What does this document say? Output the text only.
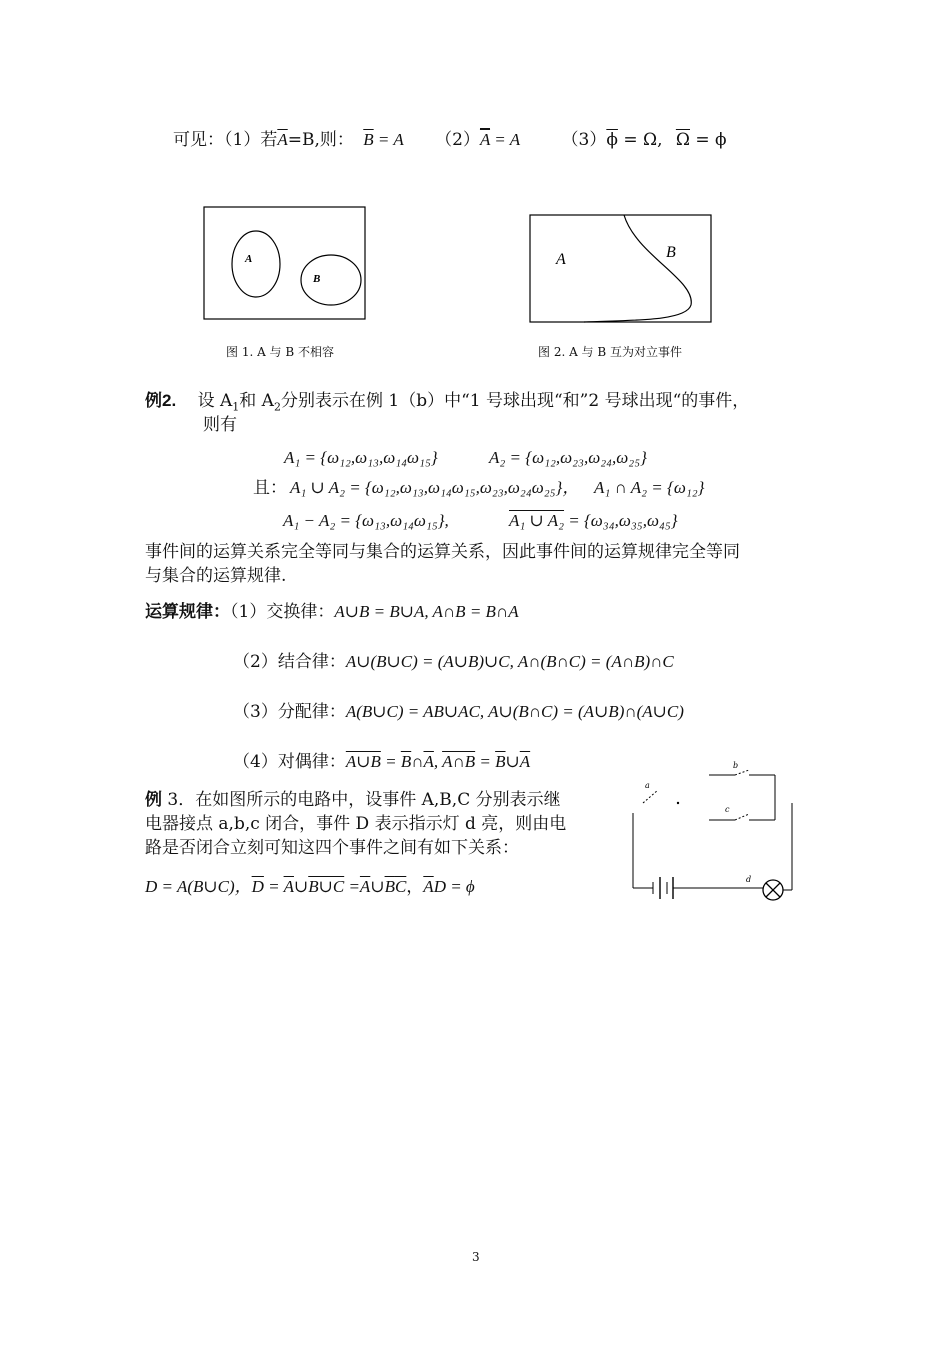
可见：（1）若$\overline{A}=B$,则： $\overline{B} = A$ $(2)\overline{A} = A$ $(3)\overline{\phi} = \Omega$, $\overline{\Omega} = \phi$
A
B
图 1. A 与 B 不相容
A	B
图 2. A 与 B 互为对立事件
例2. 设 $A_1$和 $A_2$分别表示在例 1（b）中“1 号球出现“和”2 号球出现“的事件，
则有
A₁ = {ω₁₂,ω₁₃,ω₁₄ω₁₅}	A₂ = {ω₁₂,ω₂₃,ω₂₄,ω₂₅}
且： A₁ ∪ A₂ = {ω₁₂,ω₁₃,ω₁₄ω₁₅,ω₂₃,ω₂₄ω₂₅}， A₁ ∩ A₂ = {ω₁₂}
A₁ − A₂ = {ω₁₃,ω₁₄ω₁₅},	A₁ ∪ A₂ = {ω₃₄,ω₃₅,ω₄₅}
事件间的运算关系完全等同与集合的运算关系，因此事件间的运算规律完全等同
与集合的运算规律.
运算规律：（1）交换律：A∪B = B∪A, A∩B = B∩A
（2）结合律：A∪(B∪C) = (A∪B)∪C, A∩(B∩C) = (A∩B)∩C
（3）分配律：A(B∪C) = AB∪AC, A∪(B∩C) = (A∪B)∩(A∪C)
（4）对偶律：A∪B = $\overline{B}\cap\overline{A}$, A∩B = $\overline{B}\cup\overline{A}$
例 3．在如图所示的电路中，设事件 A,B,C 分别表示继
电器接点 a,b,c 闭合，事件 D 表示指示灯 d 亮，则由电
路是否闭合立刻可知这四个事件之间有如下关系：
D = A(B∪C)，$\overline{D}$ = $\overline{A}\cup B\cup C$ $=\overline{A}\cup\overline{B}\overline{C}$，$\overline{A}D = \phi$
a
b
c
d
3
